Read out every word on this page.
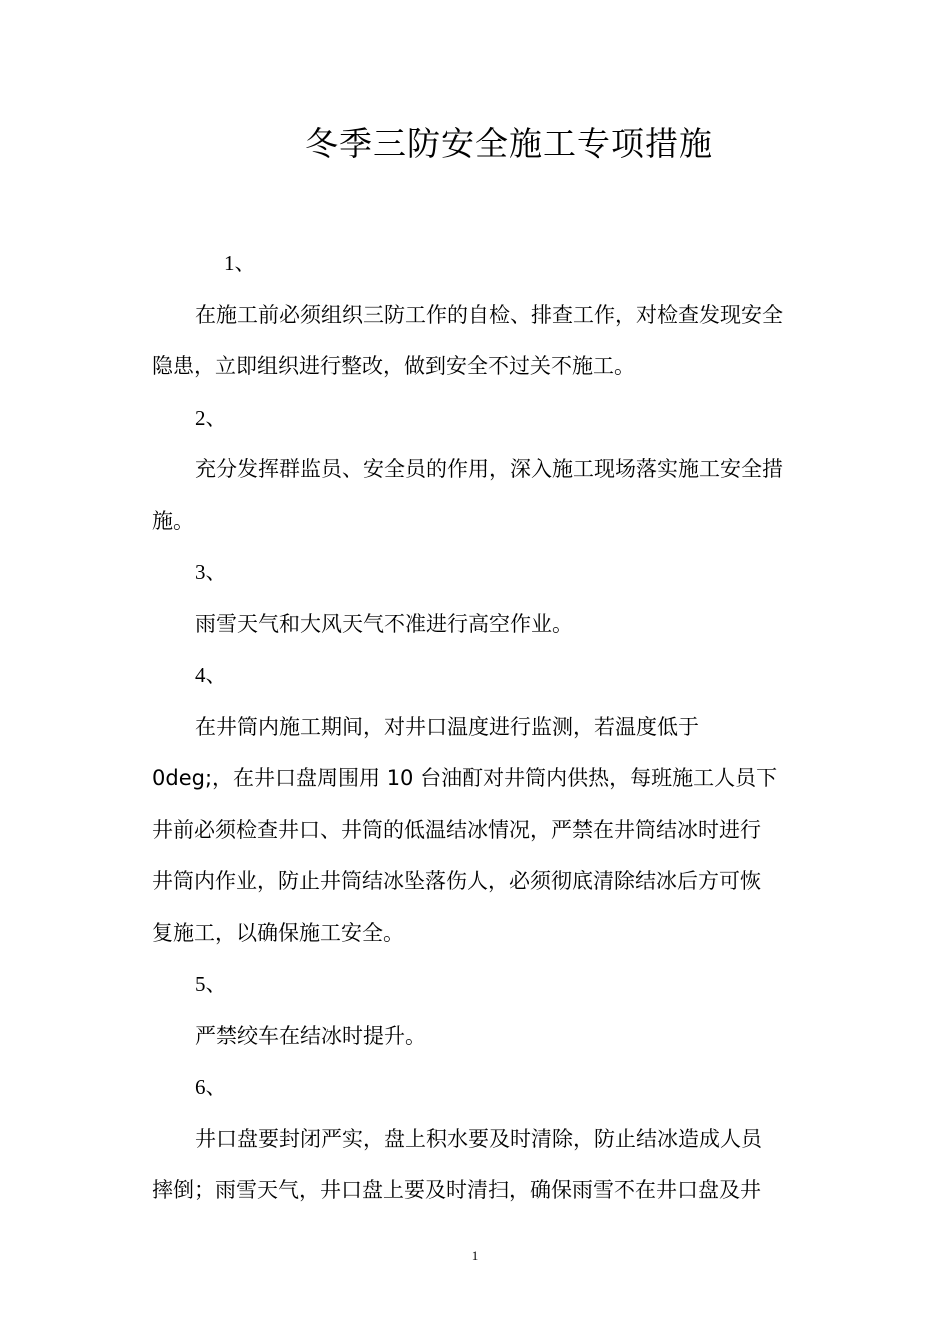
冬季三防安全施工专项措施
1、

在施工前必须组织三防工作的自检、排查工作，对检查发现安全隐患，立即组织进行整改，做到安全不过关不施工。

2、

充分发挥群监员、安全员的作用，深入施工现场落实施工安全措施。

3、

雨雪天气和大风天气不准进行高空作业。

4、
在井筒内施工期间，对井口温度进行监测，若温度低于
0deg;，在井口盘周围用 10 台油酊对井筒内供热，每班施工人员下
井前必须检查井口、井筒的低温结冰情况，严禁在井筒结冰时进行
井筒内作业，防止井筒结冰坠落伤人，必须彻底清除结冰后方可恢
复施工，以确保施工安全。
5、

严禁绞车在结冰时提升。

6、
井口盘要封闭严实，盘上积水要及时清除，防止结冰造成人员
摔倒；雨雪天气，井口盘上要及时清扫，确保雨雪不在井口盘及井
1
